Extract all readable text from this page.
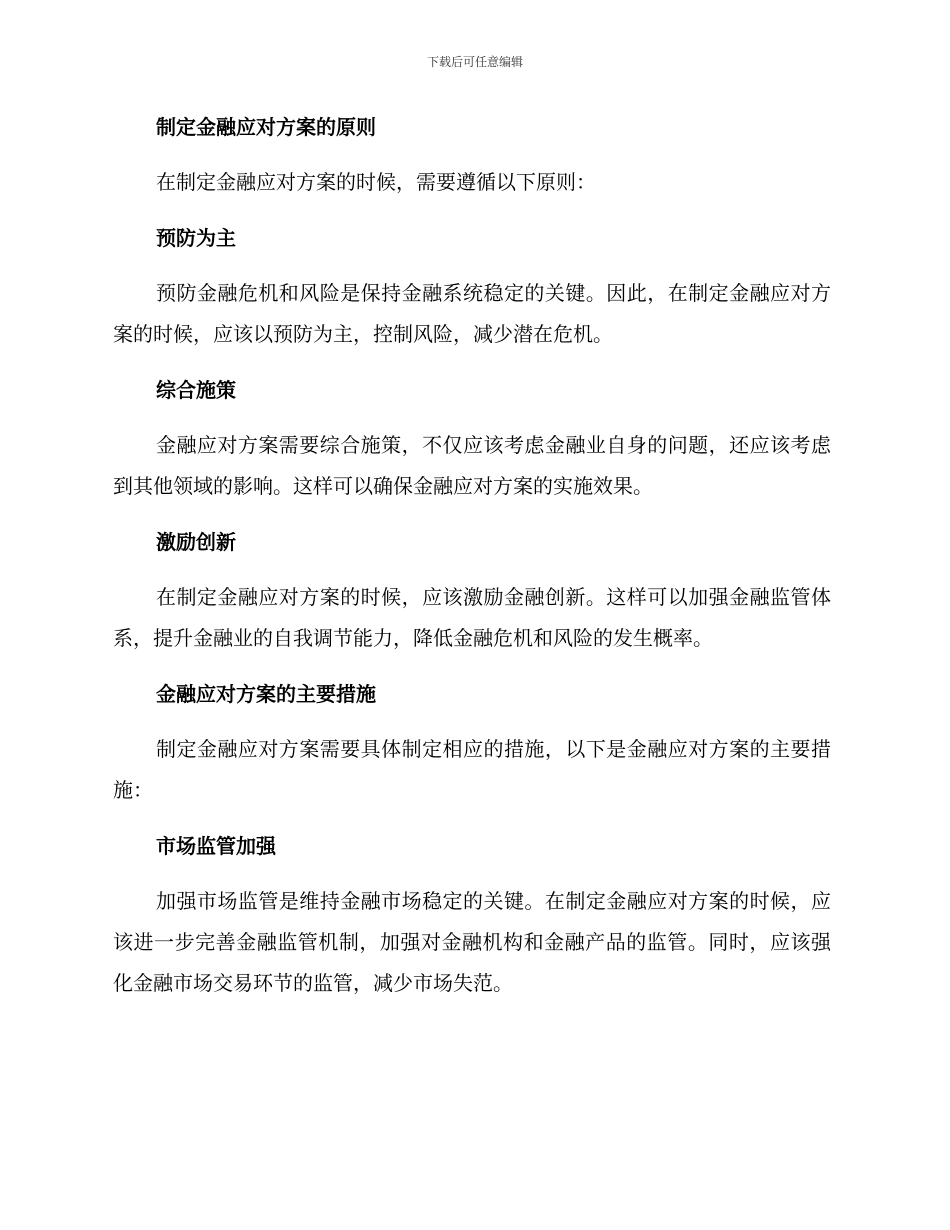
下载后可任意编辑
制定金融应对方案的原则

在制定金融应对方案的时候，需要遵循以下原则：

预防为主

预防金融危机和风险是保持金融系统稳定的关键。因此，在制定金融应对方案的时候，应该以预防为主，控制风险，减少潜在危机。

综合施策

金融应对方案需要综合施策，不仅应该考虑金融业自身的问题，还应该考虑到其他领域的影响。这样可以确保金融应对方案的实施效果。

激励创新

在制定金融应对方案的时候，应该激励金融创新。这样可以加强金融监管体系，提升金融业的自我调节能力，降低金融危机和风险的发生概率。

金融应对方案的主要措施

制定金融应对方案需要具体制定相应的措施，以下是金融应对方案的主要措施：

市场监管加强

加强市场监管是维持金融市场稳定的关键。在制定金融应对方案的时候，应该进一步完善金融监管机制，加强对金融机构和金融产品的监管。同时，应该强化金融市场交易环节的监管，减少市场失范。
